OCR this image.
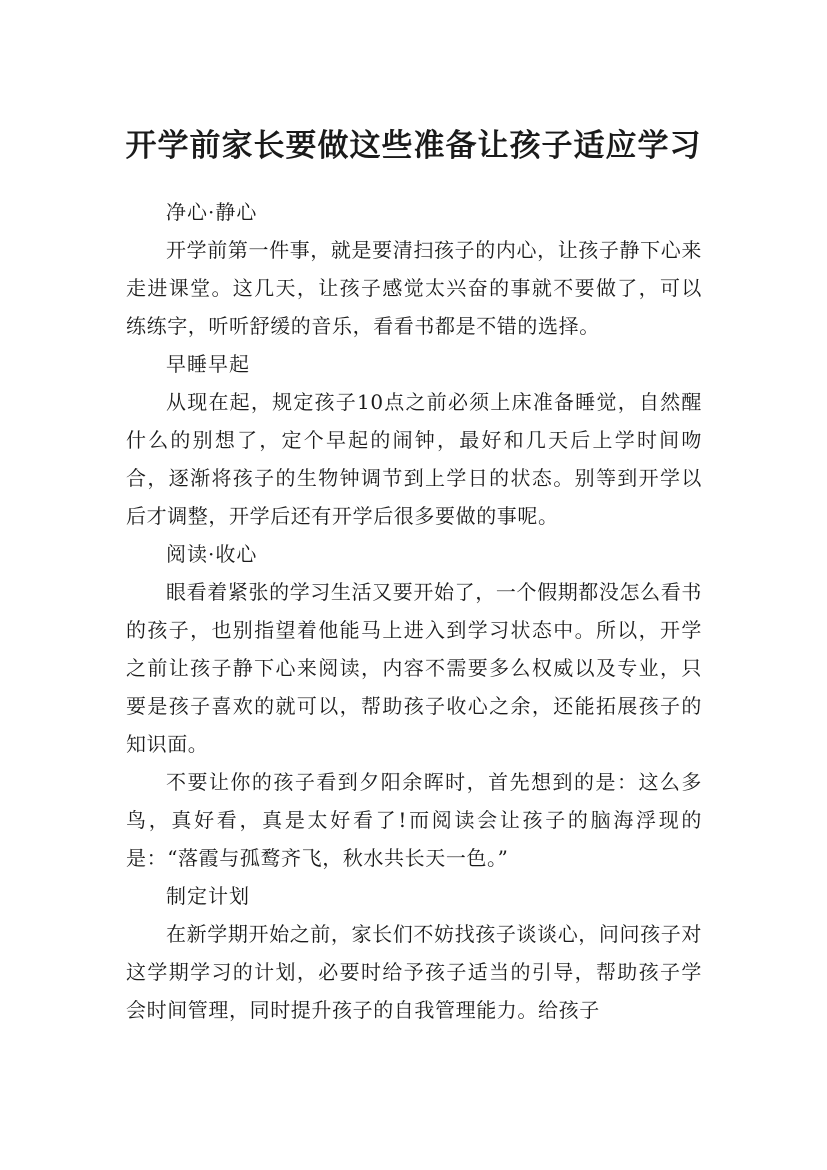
开学前家长要做这些准备让孩子适应学习

净心·静心

开学前第一件事，就是要清扫孩子的内心，让孩子静下心来走进课堂。这几天，让孩子感觉太兴奋的事就不要做了，可以练练字，听听舒缓的音乐，看看书都是不错的选择。

早睡早起

从现在起，规定孩子10点之前必须上床准备睡觉，自然醒什么的别想了，定个早起的闹钟，最好和几天后上学时间吻合，逐渐将孩子的生物钟调节到上学日的状态。别等到开学以后才调整，开学后还有开学后很多要做的事呢。

阅读·收心

眼看着紧张的学习生活又要开始了，一个假期都没怎么看书的孩子，也别指望着他能马上进入到学习状态中。所以，开学之前让孩子静下心来阅读，内容不需要多么权威以及专业，只要是孩子喜欢的就可以，帮助孩子收心之余，还能拓展孩子的知识面。

不要让你的孩子看到夕阳余晖时，首先想到的是：这么多鸟，真好看，真是太好看了!而阅读会让孩子的脑海浮现的是：“落霞与孤鹜齐飞，秋水共长天一色。”

制定计划

在新学期开始之前，家长们不妨找孩子谈谈心，问问孩子对这学期学习的计划，必要时给予孩子适当的引导，帮助孩子学会时间管理，同时提升孩子的自我管理能力。给孩子
